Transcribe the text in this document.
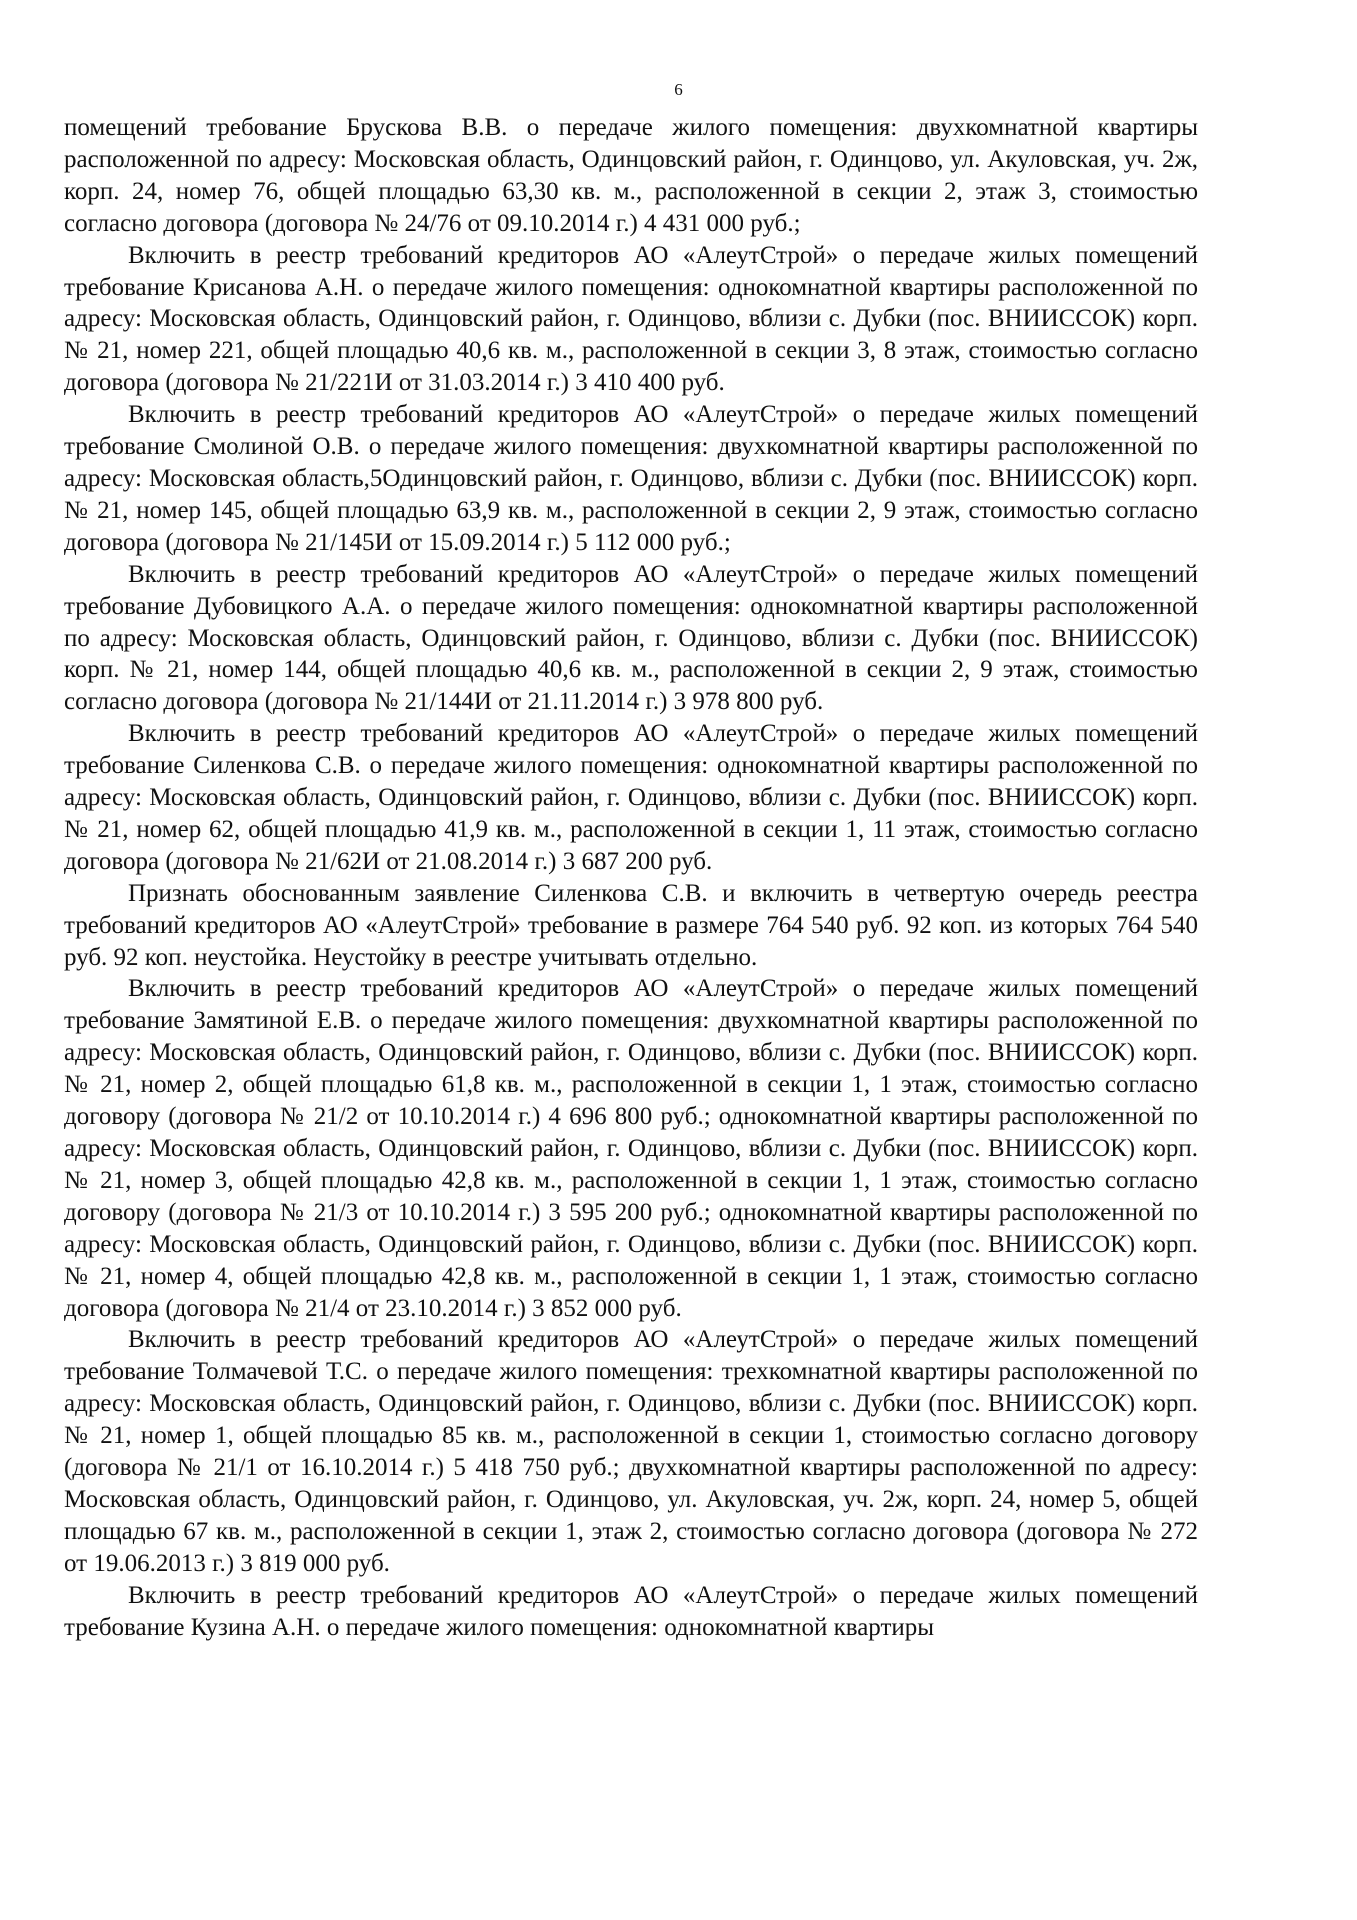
6

помещений требование Брускова В.В. о передаче жилого помещения: двухкомнатной квартиры расположенной по адресу: Московская область, Одинцовский район, г. Одинцово, ул. Акуловская, уч. 2ж, корп. 24, номер 76, общей площадью 63,30 кв. м., расположенной в секции 2, этаж 3, стоимостью согласно договора (договора № 24/76 от 09.10.2014 г.) 4 431 000 руб.;

Включить в реестр требований кредиторов АО «АлеутСтрой» о передаче жилых помещений требование Крисанова А.Н. о передаче жилого помещения: однокомнатной квартиры расположенной по адресу: Московская область, Одинцовский район, г. Одинцово, вблизи с. Дубки (пос. ВНИИССОК) корп. № 21, номер 221, общей площадью 40,6 кв. м., расположенной в секции 3, 8 этаж, стоимостью согласно договора (договора № 21/221И от 31.03.2014 г.) 3 410 400 руб.

Включить в реестр требований кредиторов АО «АлеутСтрой» о передаче жилых помещений требование Смолиной О.В. о передаче жилого помещения: двухкомнатной квартиры расположенной по адресу: Московская область,5Одинцовский район, г. Одинцово, вблизи с. Дубки (пос. ВНИИССОК) корп. № 21, номер 145, общей площадью 63,9 кв. м., расположенной в секции 2, 9 этаж, стоимостью согласно договора (договора № 21/145И от 15.09.2014 г.) 5 112 000 руб.;

Включить в реестр требований кредиторов АО «АлеутСтрой» о передаче жилых помещений требование Дубовицкого А.А. о передаче жилого помещения: однокомнатной квартиры расположенной по адресу: Московская область, Одинцовский район, г. Одинцово, вблизи с. Дубки (пос. ВНИИССОК) корп. № 21, номер 144, общей площадью 40,6 кв. м., расположенной в секции 2, 9 этаж, стоимостью согласно договора (договора № 21/144И от 21.11.2014 г.) 3 978 800 руб.

Включить в реестр требований кредиторов АО «АлеутСтрой» о передаче жилых помещений требование Силенкова С.В. о передаче жилого помещения: однокомнатной квартиры расположенной по адресу: Московская область, Одинцовский район, г. Одинцово, вблизи с. Дубки (пос. ВНИИССОК) корп. № 21, номер 62, общей площадью 41,9 кв. м., расположенной в секции 1, 11 этаж, стоимостью согласно договора (договора № 21/62И от 21.08.2014 г.) 3 687 200 руб.

Признать обоснованным заявление Силенкова С.В. и включить в четвертую очередь реестра требований кредиторов АО «АлеутСтрой» требование в размере 764 540 руб. 92 коп. из которых 764 540 руб. 92 коп. неустойка. Неустойку в реестре учитывать отдельно.

Включить в реестр требований кредиторов АО «АлеутСтрой» о передаче жилых помещений требование Замятиной Е.В. о передаче жилого помещения: двухкомнатной квартиры расположенной по адресу: Московская область, Одинцовский район, г. Одинцово, вблизи с. Дубки (пос. ВНИИССОК) корп. № 21, номер 2, общей площадью 61,8 кв. м., расположенной в секции 1, 1 этаж, стоимостью согласно договору (договора № 21/2 от 10.10.2014 г.) 4 696 800 руб.; однокомнатной квартиры расположенной по адресу: Московская область, Одинцовский район, г. Одинцово, вблизи с. Дубки (пос. ВНИИССОК) корп. № 21, номер 3, общей площадью 42,8 кв. м., расположенной в секции 1, 1 этаж, стоимостью согласно договору (договора № 21/3 от 10.10.2014 г.) 3 595 200 руб.; однокомнатной квартиры расположенной по адресу: Московская область, Одинцовский район, г. Одинцово, вблизи с. Дубки (пос. ВНИИССОК) корп. № 21, номер 4, общей площадью 42,8 кв. м., расположенной в секции 1, 1 этаж, стоимостью согласно договора (договора № 21/4 от 23.10.2014 г.) 3 852 000 руб.

Включить в реестр требований кредиторов АО «АлеутСтрой» о передаче жилых помещений требование Толмачевой Т.С. о передаче жилого помещения: трехкомнатной квартиры расположенной по адресу: Московская область, Одинцовский район, г. Одинцово, вблизи с. Дубки (пос. ВНИИССОК) корп. № 21, номер 1, общей площадью 85 кв. м., расположенной в секции 1, стоимостью согласно договору (договора № 21/1 от 16.10.2014 г.) 5 418 750 руб.; двухкомнатной квартиры расположенной по адресу: Московская область, Одинцовский район, г. Одинцово, ул. Акуловская, уч. 2ж, корп. 24, номер 5, общей площадью 67 кв. м., расположенной в секции 1, этаж 2, стоимостью согласно договора (договора № 272 от 19.06.2013 г.) 3 819 000 руб.

Включить в реестр требований кредиторов АО «АлеутСтрой» о передаче жилых помещений требование Кузина А.Н. о передаче жилого помещения: однокомнатной квартиры
